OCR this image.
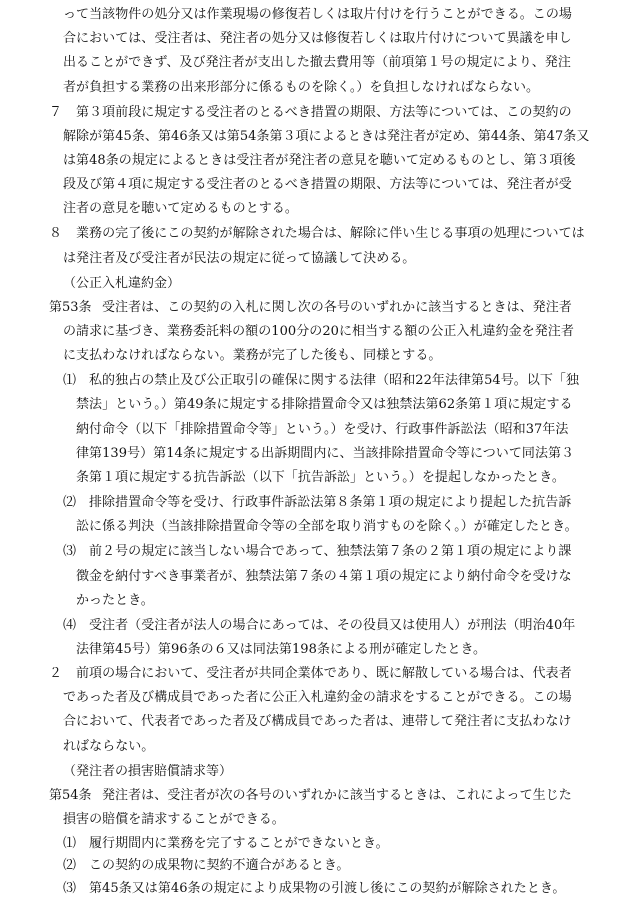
って当該物件の処分又は作業現場の修復若しくは取片付けを行うことができる。この場
合においては、受注者は、発注者の処分又は修復若しくは取片付けについて異議を申し
出ることができず、及び発注者が支出した撤去費用等（前項第１号の規定により、発注
者が負担する業務の出来形部分に係るものを除く。）を負担しなければならない。
７ 第３項前段に規定する受注者のとるべき措置の期限、方法等については、この契約の
解除が第45条、第46条又は第54条第３項によるときは発注者が定め、第44条、第47条又
は第48条の規定によるときは受注者が発注者の意見を聴いて定めるものとし、第３項後
段及び第４項に規定する受注者のとるべき措置の期限、方法等については、発注者が受
注者の意見を聴いて定めるものとする。
８ 業務の完了後にこの契約が解除された場合は、解除に伴い生じる事項の処理については
は発注者及び受注者が民法の規定に従って協議して決める。
（公正入札違約金）
第53条 受注者は、この契約の入札に関し次の各号のいずれかに該当するときは、発注者
の請求に基づき、業務委託料の額の100分の20に相当する額の公正入札違約金を発注者
に支払わなければならない。業務が完了した後も、同様とする。
⑴ 私的独占の禁止及び公正取引の確保に関する法律（昭和22年法律第54号。以下「独
禁法」という。）第49条に規定する排除措置命令又は独禁法第62条第１項に規定する
納付命令（以下「排除措置命令等」という。）を受け、行政事件訴訟法（昭和37年法
律第139号）第14条に規定する出訴期間内に、当該排除措置命令等について同法第３
条第１項に規定する抗告訴訟（以下「抗告訴訟」という。）を提起しなかったとき。
⑵ 排除措置命令等を受け、行政事件訴訟法第８条第１項の規定により提起した抗告訴
訟に係る判決（当該排除措置命令等の全部を取り消すものを除く。）が確定したとき。
⑶ 前２号の規定に該当しない場合であって、独禁法第７条の２第１項の規定により課
徴金を納付すべき事業者が、独禁法第７条の４第１項の規定により納付命令を受けな
かったとき。
⑷ 受注者（受注者が法人の場合にあっては、その役員又は使用人）が刑法（明治40年
法律第45号）第96条の６又は同法第198条による刑が確定したとき。
２ 前項の場合において、受注者が共同企業体であり、既に解散している場合は、代表者
であった者及び構成員であった者に公正入札違約金の請求をすることができる。この場
合において、代表者であった者及び構成員であった者は、連帯して発注者に支払わなけ
ればならない。
（発注者の損害賠償請求等）
第54条 発注者は、受注者が次の各号のいずれかに該当するときは、これによって生じた
損害の賠償を請求することができる。
⑴ 履行期間内に業務を完了することができないとき。
⑵ この契約の成果物に契約不適合があるとき。
⑶ 第45条又は第46条の規定により成果物の引渡し後にこの契約が解除されたとき。
